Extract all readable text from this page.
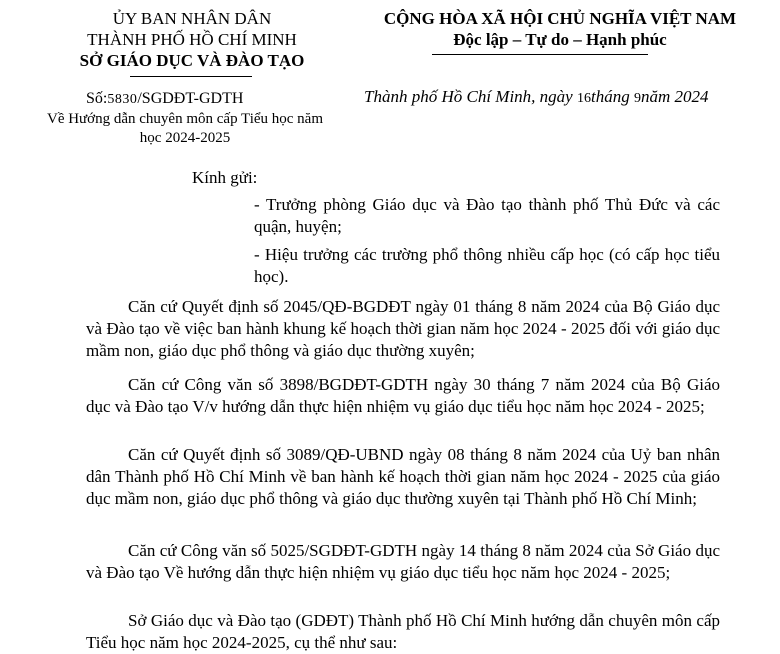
ỦY BAN NHÂN DÂN
THÀNH PHỐ HỒ CHÍ MINH
SỞ GIÁO DỤC VÀ ĐÀO TẠO
CỘNG HÒA XÃ HỘI CHỦ NGHĨA VIỆT NAM
Độc lập – Tự do – Hạnh phúc
Số:5830/SGDĐT-GDTH
Về Hướng dẫn chuyên môn cấp Tiểu học năm học 2024-2025
Thành phố Hồ Chí Minh, ngày 16tháng 9năm 2024
Kính gửi:
- Trưởng phòng Giáo dục và Đào tạo thành phố Thủ Đức và các quận, huyện;
- Hiệu trưởng các trường phổ thông nhiều cấp học (có cấp học tiểu học).
Căn cứ Quyết định số 2045/QĐ-BGDĐT ngày 01 tháng 8 năm 2024 của Bộ Giáo dục và Đào tạo về việc ban hành khung kế hoạch thời gian năm học 2024 - 2025 đối với giáo dục mầm non, giáo dục phổ thông và giáo dục thường xuyên;
Căn cứ Công văn số 3898/BGDĐT-GDTH ngày 30 tháng 7 năm 2024 của Bộ Giáo dục và Đào tạo V/v hướng dẫn thực hiện nhiệm vụ giáo dục tiểu học năm học 2024 - 2025;
Căn cứ Quyết định số 3089/QĐ-UBND ngày 08 tháng 8 năm 2024 của Uỷ ban nhân dân Thành phố Hồ Chí Minh về ban hành kế hoạch thời gian năm học 2024 - 2025 của giáo dục mầm non, giáo dục phổ thông và giáo dục thường xuyên tại Thành phố Hồ Chí Minh;
Căn cứ Công văn số 5025/SGDĐT-GDTH ngày 14 tháng 8 năm 2024 của Sở Giáo dục và Đào tạo Về hướng dẫn thực hiện nhiệm vụ giáo dục tiểu học năm học 2024 - 2025;
Sở Giáo dục và Đào tạo (GDĐT) Thành phố Hồ Chí Minh hướng dẫn chuyên môn cấp Tiểu học năm học 2024-2025, cụ thể như sau:
